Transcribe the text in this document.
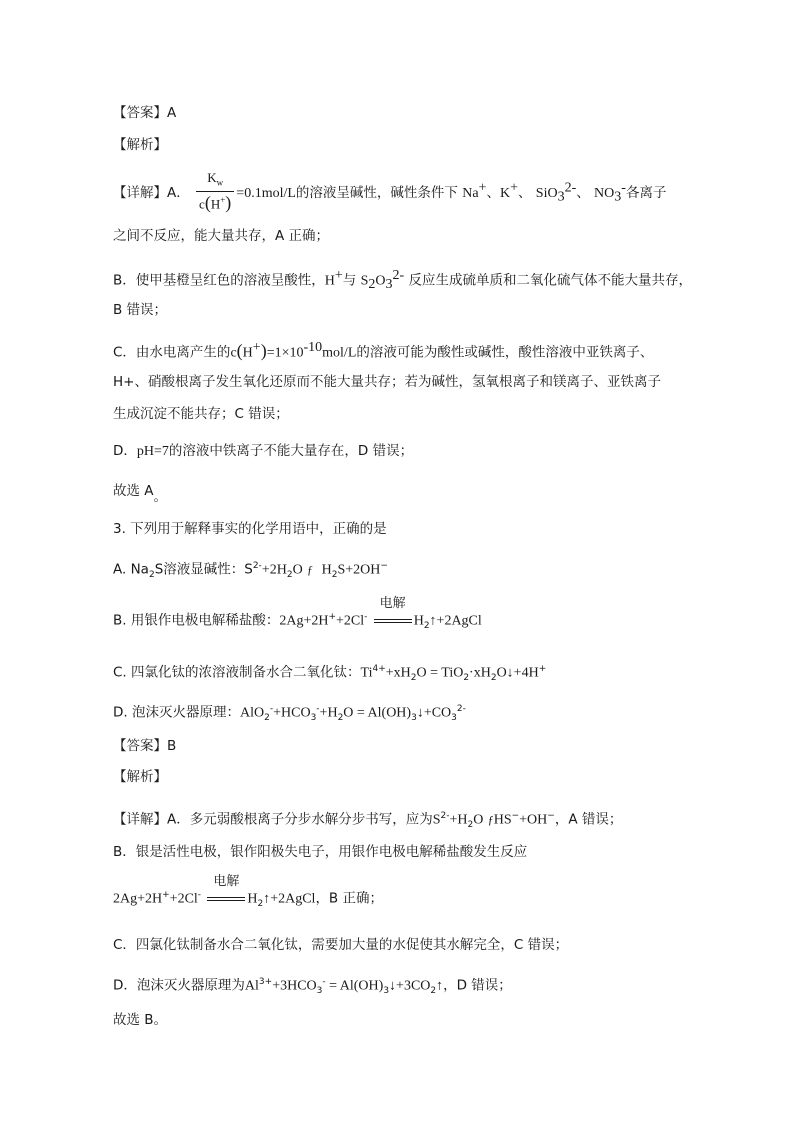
【答案】A
【解析】
【详解】A． $\frac{K_w}{c(H^+)} =0.1mol/L$的溶液呈碱性，碱性条件下 Na+、K+、 SiO$_3^{2-}$、 $NO_3^-$各离子
之间不反应，能大量共存，A 正确；
B．使甲基橙呈红色的溶液呈酸性，H+与 $S_2O_3^{2-}$ 反应生成硫单质和二氧化硫气体不能大量共存，
B 错误；
C．由水电离产生的$c(H^+)=1\times 10^{-10}mol/L$的溶液可能为酸性或碱性，酸性溶液中亚铁离子、
H+、硝酸根离子发生氧化还原而不能大量共存；若为碱性，氢氧根离子和镁离子、亚铁离子
生成沉淀不能共存；C 错误；
D．pH=7的溶液中铁离子不能大量存在，D 错误；
故选 A。
3. 下列用于解释事实的化学用语中，正确的是
A. $Na_2S$溶液显碱性：$S^{2-}+2H_2O$ ƒ $H_2S+2OH^-$
B. 用银作电极电解稀盐酸：2Ag+2H++2Cl-
电解
$H_2↑+2AgCl$
C. 四氯化钛的浓溶液制备水合二氧化钛：$Ti^{4+}+xH_2O$ = $TiO_2\cdot xH_2O↓+4H^+$
D. 泡沫灭火器原理：$AlO_2^-+HCO_3^-+H_2O$ = $Al(OH)_3↓+CO_3^{2-}$
【答案】B
【解析】
【详解】A．多元弱酸根离子分步水解分步书写，应为$S^{2-}+H_2O$ ƒHS−+OH−，A 错误；
B．银是活性电极，银作阳极失电子，用银作电极电解稀盐酸发生反应
2Ag+2H++2Cl-
电解
$H_2↑+2AgCl$，B 正确；
C．四氯化钛制备水合二氧化钛，需要加大量的水促使其水解完全，C 错误；
D．泡沫灭火器原理为$Al^{3+}+3HCO_3^-$ = $Al(OH)_3↓+3CO_2↑$，D 错误；
故选 B。
